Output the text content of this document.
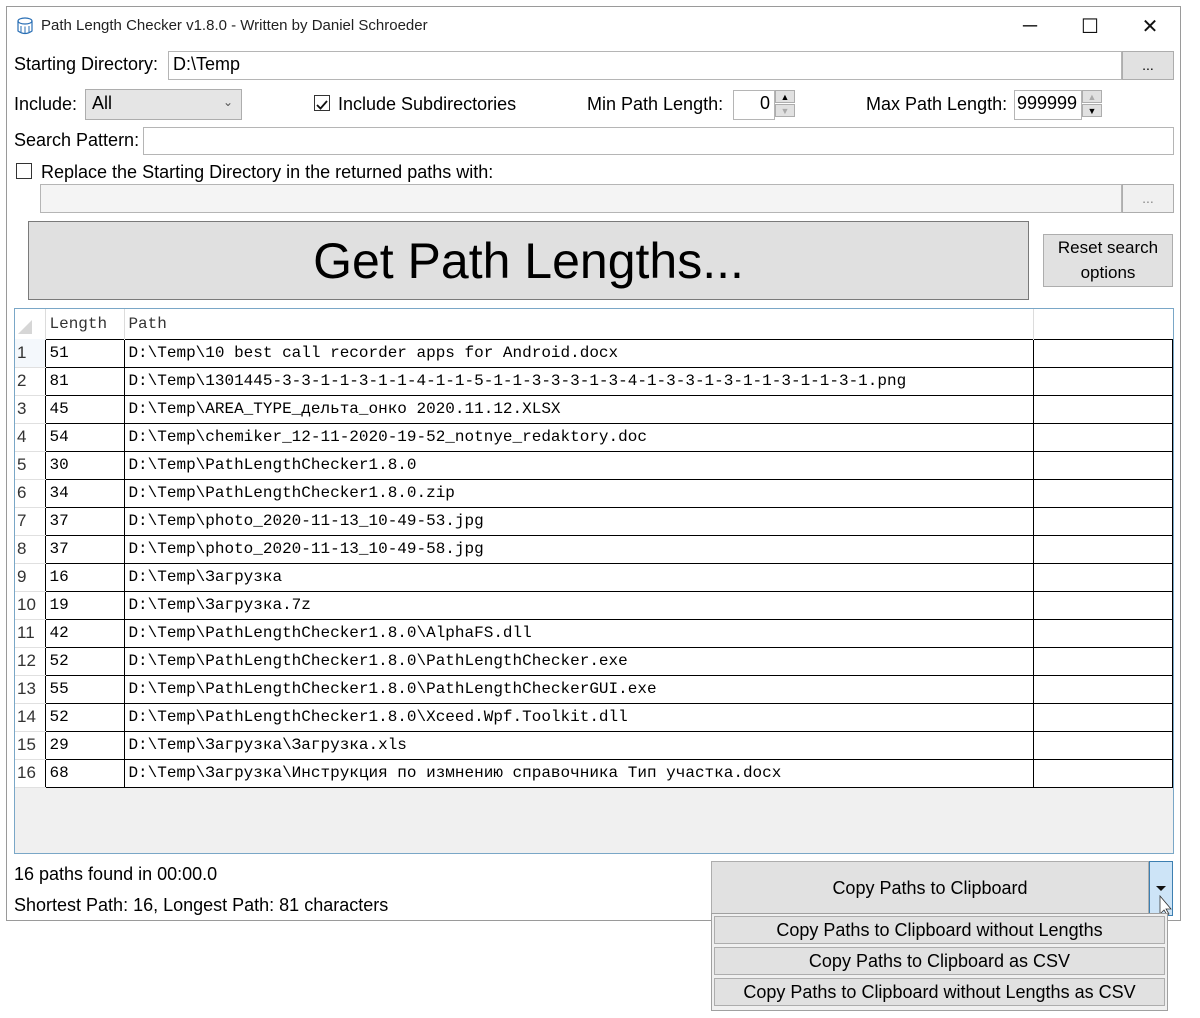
Path Length Checker v1.8.0 - Written by Daniel Schroeder	─ ☐ ✕
Starting Directory: D:\Temp	...
Include: All	⌄	Include Subdirectories	Min Path Length:	0	▲
▼	Max Path Length: 999999	▲
▼
Search Pattern:
Replace the Starting Directory in the returned paths with:
...
Get Path Lengths...	Reset search
options
	Length	Path	
1	51	D:\Temp\10 best call recorder apps for Android.docx	
2	81	D:\Temp\1301445-3-3-1-1-3-1-1-4-1-1-5-1-1-3-3-3-1-3-4-1-3-3-1-3-1-1-3-1-1-3-1.png	
3	45	D:\Temp\AREA_TYPE_дельта_онко 2020.11.12.XLSX	
4	54	D:\Temp\chemiker_12-11-2020-19-52_notnye_redaktory.doc	
5	30	D:\Temp\PathLengthChecker1.8.0	
6	34	D:\Temp\PathLengthChecker1.8.0.zip	
7	37	D:\Temp\photo_2020-11-13_10-49-53.jpg	
8	37	D:\Temp\photo_2020-11-13_10-49-58.jpg	
9	16	D:\Temp\Загрузка	
10	19	D:\Temp\Загрузка.7z	
11	42	D:\Temp\PathLengthChecker1.8.0\AlphaFS.dll	
12	52	D:\Temp\PathLengthChecker1.8.0\PathLengthChecker.exe	
13	55	D:\Temp\PathLengthChecker1.8.0\PathLengthCheckerGUI.exe	
14	52	D:\Temp\PathLengthChecker1.8.0\Xceed.Wpf.Toolkit.dll	
15	29	D:\Temp\Загрузка\Загрузка.xls	
16	68	D:\Temp\Загрузка\Инструкция по измнению справочника Тип участка.docx	
16 paths found in 00:00.0
Shortest Path: 16, Longest Path: 81 characters
Copy Paths to Clipboard
Copy Paths to Clipboard without Lengths
Copy Paths to Clipboard as CSV
Copy Paths to Clipboard without Lengths as CSV
